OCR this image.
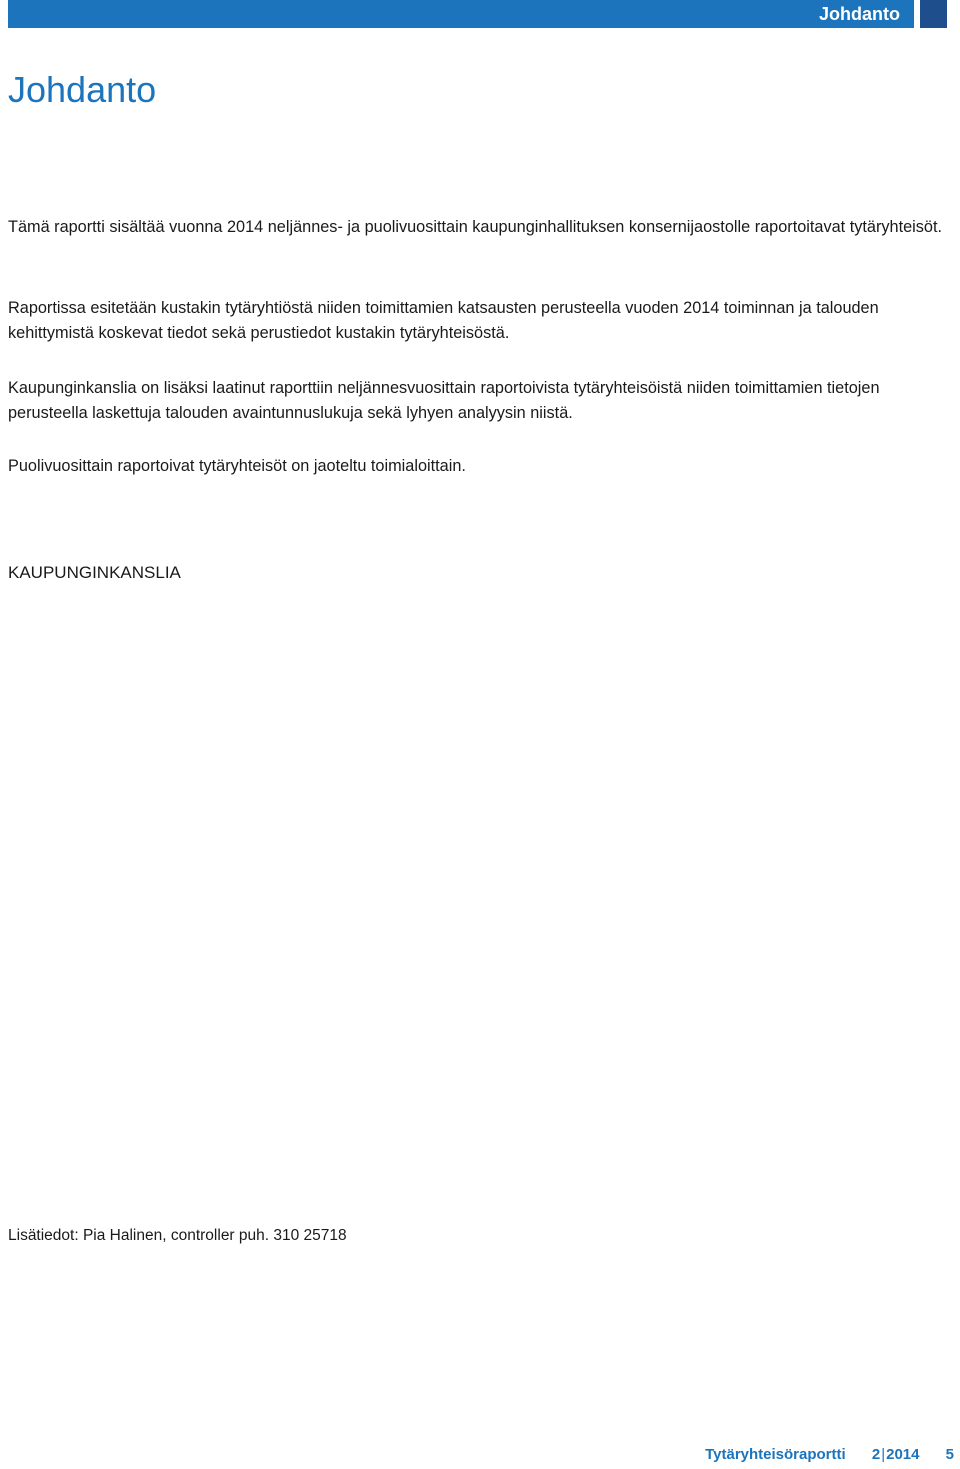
Johdanto
Johdanto

Tämä raportti sisältää vuonna 2014 neljännes- ja puolivuosittain kaupunginhallituksen konsernijaostolle raportoitavat tytäryhteisöt.

Raportissa esitetään kustakin tytäryhtiöstä niiden toimittamien katsausten perusteella vuoden 2014 toiminnan ja talouden kehittymistä koskevat tiedot sekä perustiedot kustakin tytäryhteisöstä.

Kaupunginkanslia on lisäksi laatinut raporttiin neljännesvuosittain raportoivista tytäryhteisöistä niiden toimittamien tietojen perusteella laskettuja talouden avaintunnuslukuja sekä lyhyen analyysin niistä.

Puolivuosittain raportoivat tytäryhteisöt on jaoteltu toimialoittain.

KAUPUNGINKANSLIA

Lisätiedot: Pia Halinen, controller puh. 310 25718

Tytäryhteisöraportti 2|2014 5
